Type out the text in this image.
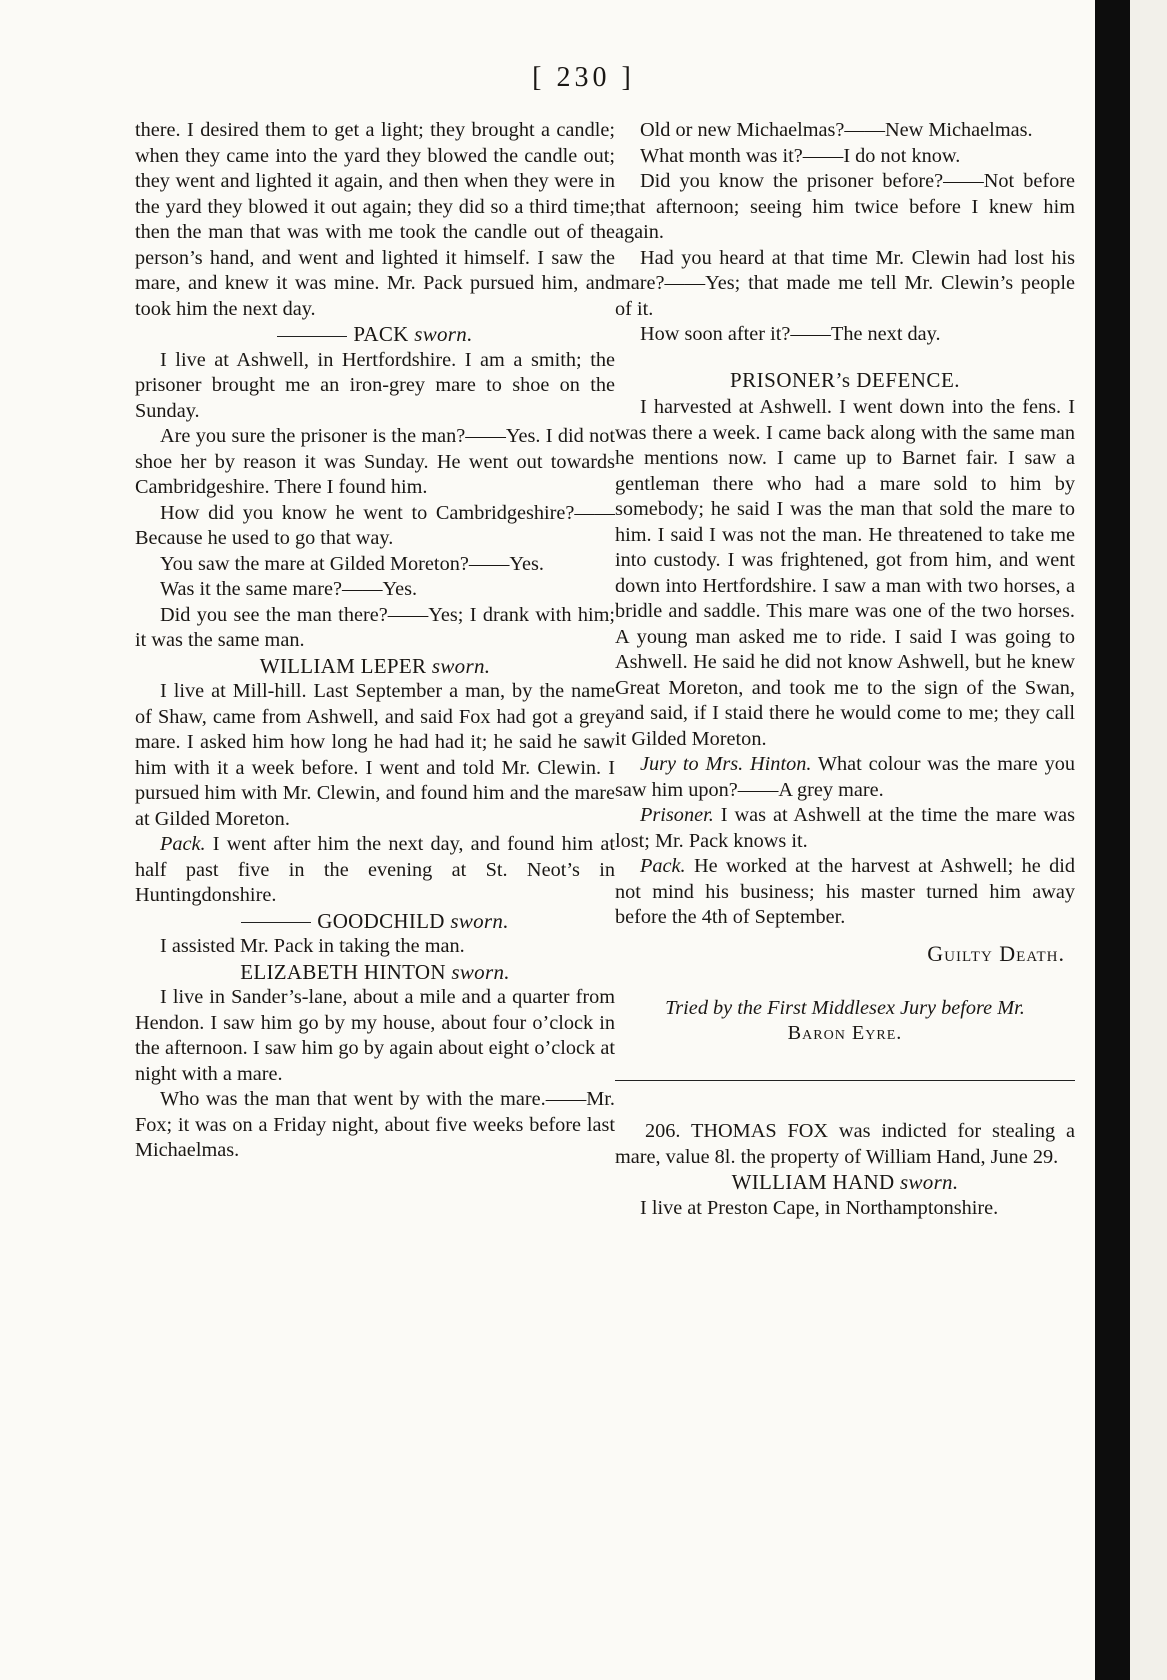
[ 230 ]

there. I desired them to get a light; they brought a candle; when they came into the yard they blowed the candle out; they went and lighted it again, and then when they were in the yard they blowed it out again; they did so a third time; then the man that was with me took the candle out of the person’s hand, and went and lighted it himself. I saw the mare, and knew it was mine. Mr. Pack pursued him, and took him the next day.

PACK sworn.

I live at Ashwell, in Hertfordshire. I am a smith; the prisoner brought me an iron-grey mare to shoe on the Sunday.

Are you sure the prisoner is the man?——Yes. I did not shoe her by reason it was Sunday. He went out towards Cambridgeshire. There I found him.

How did you know he went to Cambridgeshire?——Because he used to go that way.

You saw the mare at Gilded Moreton?——Yes.

Was it the same mare?——Yes.

Did you see the man there?——Yes; I drank with him; it was the same man.

WILLIAM LEPER sworn.

I live at Mill-hill. Last September a man, by the name of Shaw, came from Ashwell, and said Fox had got a grey mare. I asked him how long he had had it; he said he saw him with it a week before. I went and told Mr. Clewin. I pursued him with Mr. Clewin, and found him and the mare at Gilded Moreton.

Pack. I went after him the next day, and found him at half past five in the evening at St. Neot’s in Huntingdonshire.

GOODCHILD sworn.

I assisted Mr. Pack in taking the man.

ELIZABETH HINTON sworn.

I live in Sander’s-lane, about a mile and a quarter from Hendon. I saw him go by my house, about four o’clock in the afternoon. I saw him go by again about eight o’clock at night with a mare.

Who was the man that went by with the mare.——Mr. Fox; it was on a Friday night, about five weeks before last Michaelmas.

Old or new Michaelmas?——New Michaelmas.

What month was it?——I do not know.

Did you know the prisoner before?——Not before that afternoon; seeing him twice before I knew him again.

Had you heard at that time Mr. Clewin had lost his mare?——Yes; that made me tell Mr. Clewin’s people of it.

How soon after it?——The next day.

PRISONER’s DEFENCE.

I harvested at Ashwell. I went down into the fens. I was there a week. I came back along with the same man he mentions now. I came up to Barnet fair. I saw a gentleman there who had a mare sold to him by somebody; he said I was the man that sold the mare to him. I said I was not the man. He threatened to take me into custody. I was frightened, got from him, and went down into Hertfordshire. I saw a man with two horses, a bridle and saddle. This mare was one of the two horses. A young man asked me to ride. I said I was going to Ashwell. He said he did not know Ashwell, but he knew Great Moreton, and took me to the sign of the Swan, and said, if I staid there he would come to me; they call it Gilded Moreton.

Jury to Mrs. Hinton. What colour was the mare you saw him upon?——A grey mare.

Prisoner. I was at Ashwell at the time the mare was lost; Mr. Pack knows it.

Pack. He worked at the harvest at Ashwell; he did not mind his business; his master turned him away before the 4th of September.

Guilty Death.

Tried by the First Middlesex Jury before Mr.
Baron Eyre.

206. THOMAS FOX was indicted for stealing a mare, value 8l. the property of William Hand, June 29.

WILLIAM HAND sworn.

I live at Preston Cape, in Northamptonshire.
